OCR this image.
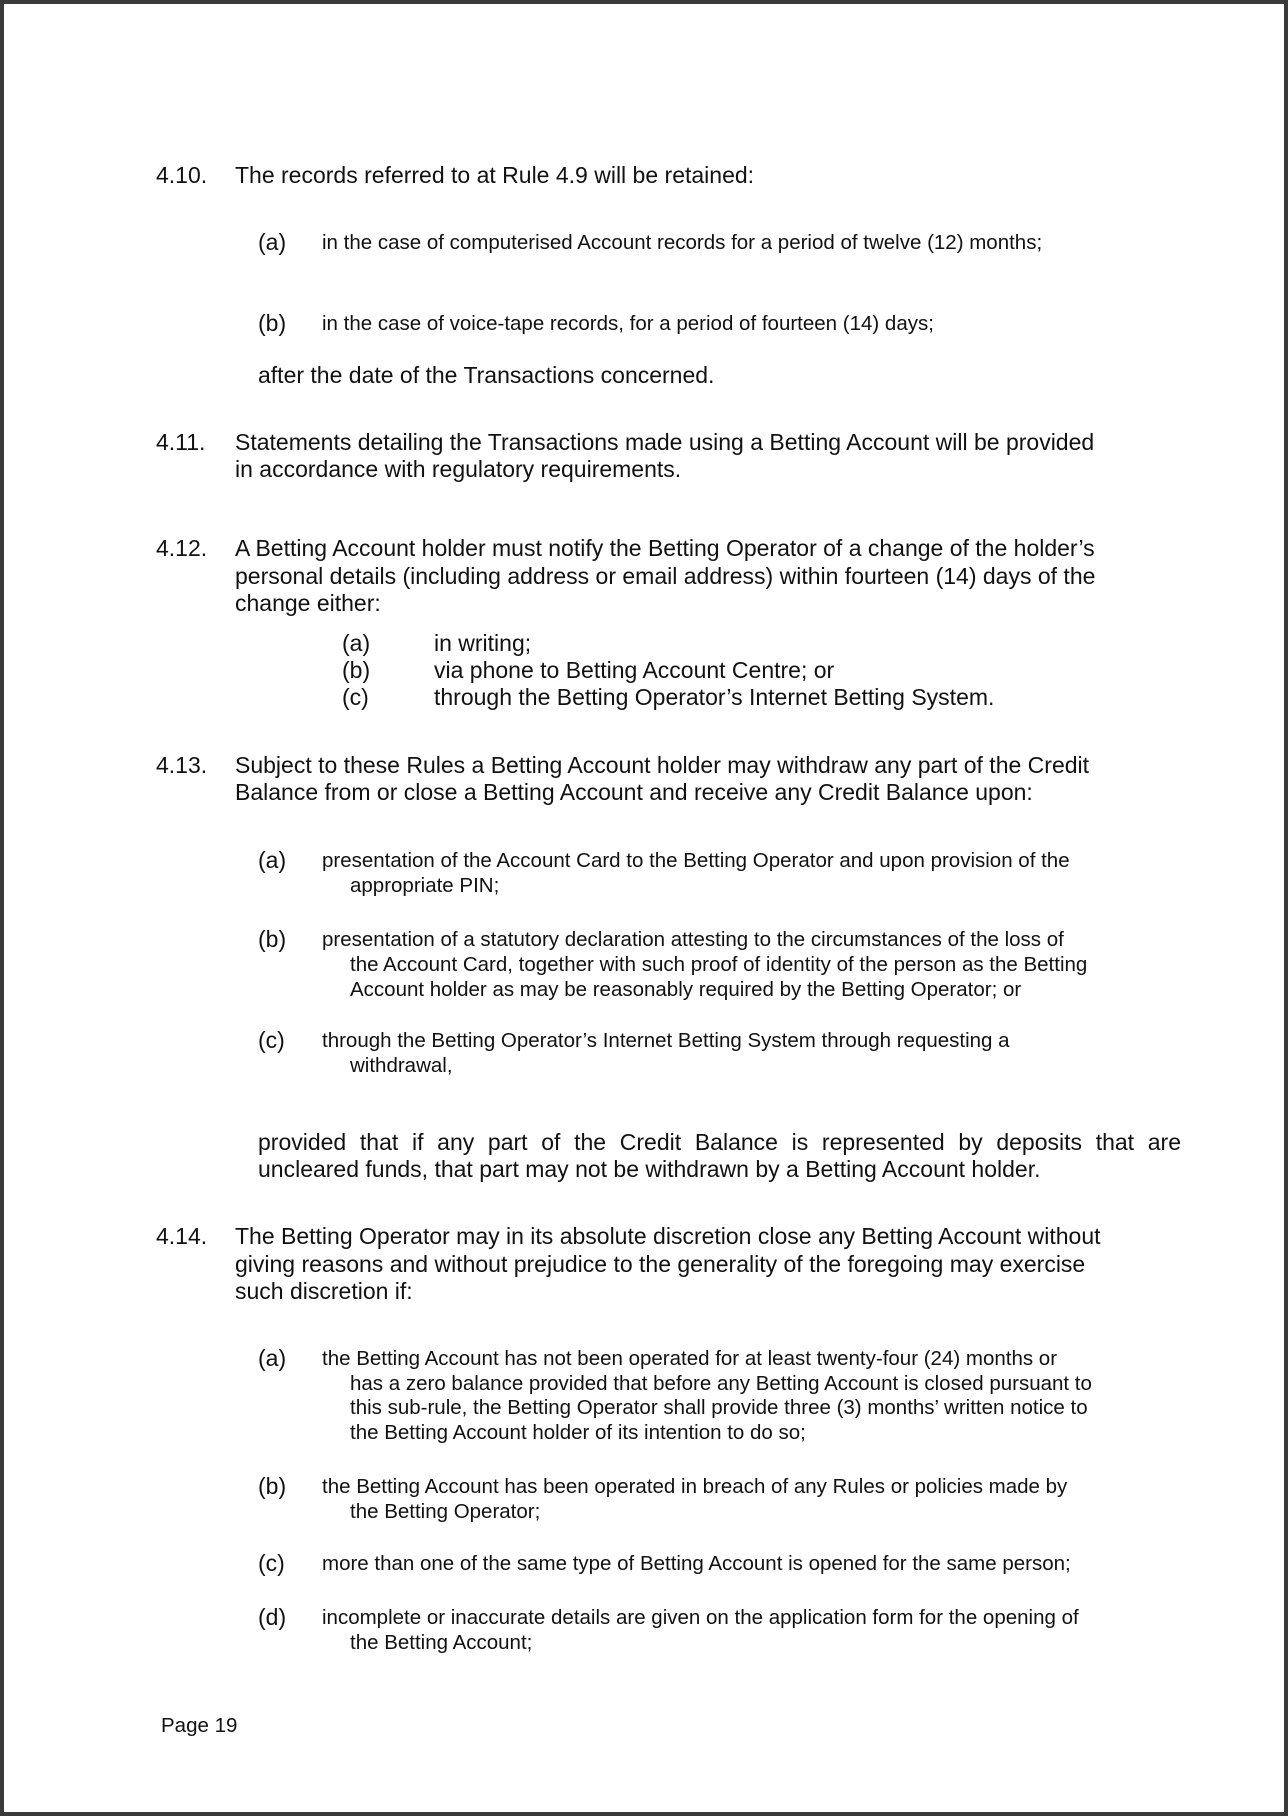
4.10. The records referred to at Rule 4.9 will be retained:
(a) in the case of computerised Account records for a period of twelve (12) months;
(b) in the case of voice-tape records, for a period of fourteen (14) days;
after the date of the Transactions concerned.
4.11. Statements detailing the Transactions made using a Betting Account will be provided
in accordance with regulatory requirements.
4.12. A Betting Account holder must notify the Betting Operator of a change of the holder’s
personal details (including address or email address) within fourteen (14) days of the
change either:
(a)	in writing;
(b)	via phone to Betting Account Centre; or
(c)	through the Betting Operator’s Internet Betting System.
4.13. Subject to these Rules a Betting Account holder may withdraw any part of the Credit
Balance from or close a Betting Account and receive any Credit Balance upon:
(a) presentation of the Account Card to the Betting Operator and upon provision of the
appropriate PIN;
(b) presentation of a statutory declaration attesting to the circumstances of the loss of
the Account Card, together with such proof of identity of the person as the Betting
Account holder as may be reasonably required by the Betting Operator; or
(c) through the Betting Operator’s Internet Betting System through requesting a
withdrawal,
provided that if any part of the Credit Balance is represented by deposits that are
uncleared funds, that part may not be withdrawn by a Betting Account holder.
4.14. The Betting Operator may in its absolute discretion close any Betting Account without
giving reasons and without prejudice to the generality of the foregoing may exercise
such discretion if:
(a) the Betting Account has not been operated for at least twenty-four (24) months or
has a zero balance provided that before any Betting Account is closed pursuant to
this sub-rule, the Betting Operator shall provide three (3) months’ written notice to
the Betting Account holder of its intention to do so;
(b) the Betting Account has been operated in breach of any Rules or policies made by
the Betting Operator;
(c) more than one of the same type of Betting Account is opened for the same person;
(d) incomplete or inaccurate details are given on the application form for the opening of
the Betting Account;
Page 19
